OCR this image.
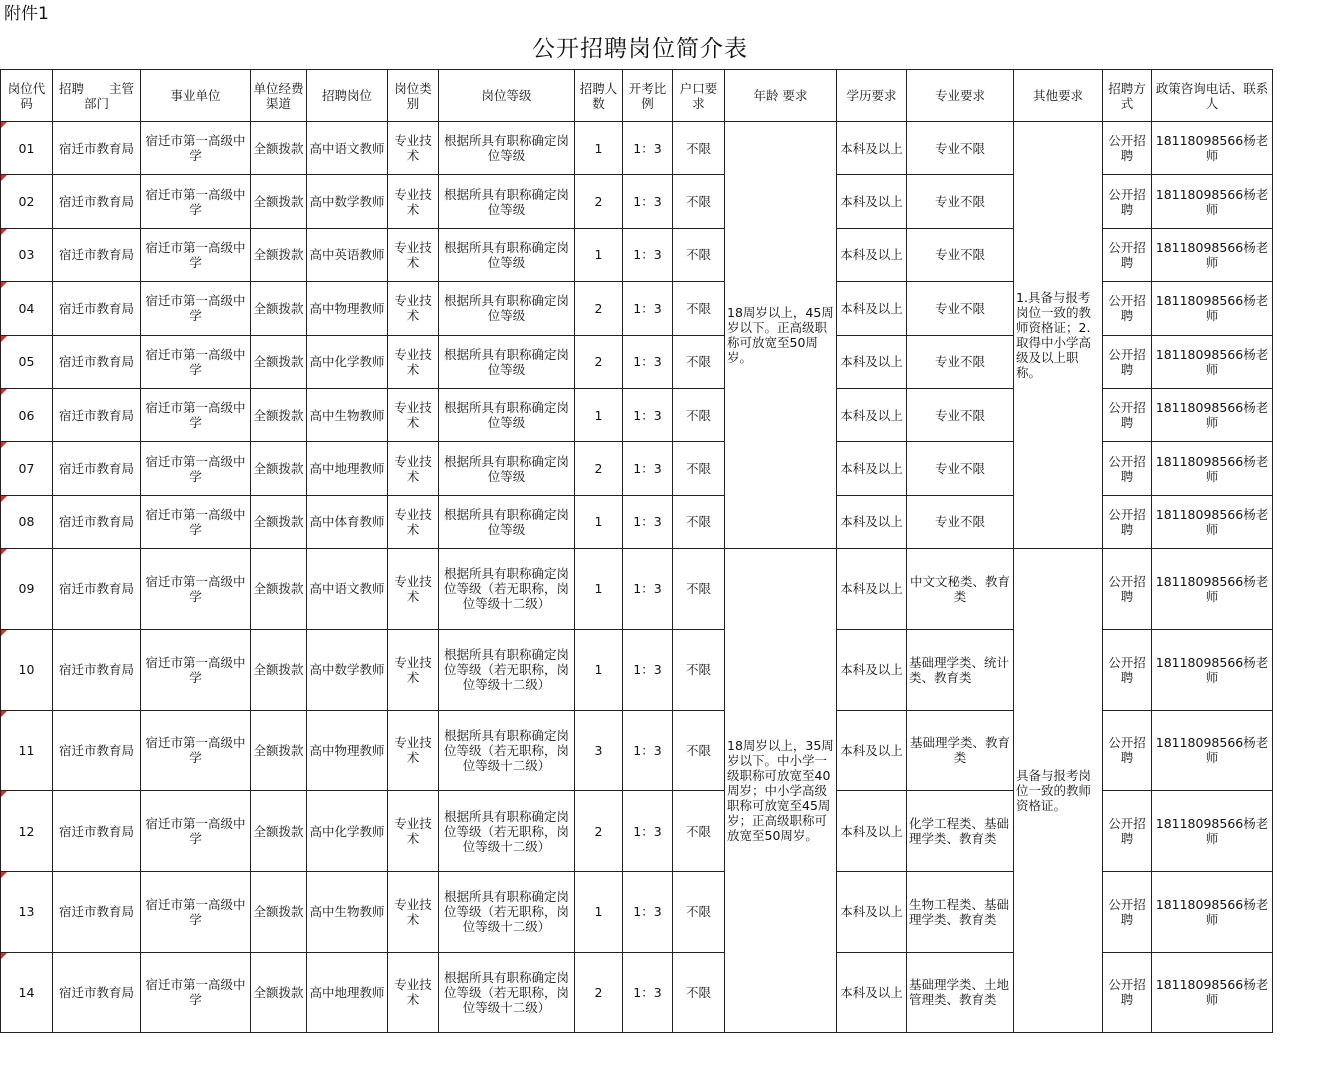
附件1
公开招聘岗位简介表
岗位代码	招聘　　主管部门	事业单位	单位经费渠道	招聘岗位	岗位类别	岗位等级	招聘人数	开考比例	户口要求	年龄 要求	学历要求	专业要求	其他要求	招聘方式	政策咨询电话、联系人
01	宿迁市教育局	宿迁市第一高级中学	全额拨款	高中语文教师	专业技术	根据所具有职称确定岗位等级	1	1：3	不限	18周岁以上，45周岁以下。正高级职称可放宽至50周岁。	本科及以上	专业不限	1.具备与报考岗位一致的教师资格证；2.取得中小学高级及以上职称。	公开招聘	18118098566杨老师
02	宿迁市教育局	宿迁市第一高级中学	全额拨款	高中数学教师	专业技术	根据所具有职称确定岗位等级	2	1：3	不限		本科及以上	专业不限		公开招聘	18118098566杨老师
03	宿迁市教育局	宿迁市第一高级中学	全额拨款	高中英语教师	专业技术	根据所具有职称确定岗位等级	1	1：3	不限		本科及以上	专业不限		公开招聘	18118098566杨老师
04	宿迁市教育局	宿迁市第一高级中学	全额拨款	高中物理教师	专业技术	根据所具有职称确定岗位等级	2	1：3	不限		本科及以上	专业不限		公开招聘	18118098566杨老师
05	宿迁市教育局	宿迁市第一高级中学	全额拨款	高中化学教师	专业技术	根据所具有职称确定岗位等级	2	1：3	不限		本科及以上	专业不限		公开招聘	18118098566杨老师
06	宿迁市教育局	宿迁市第一高级中学	全额拨款	高中生物教师	专业技术	根据所具有职称确定岗位等级	1	1：3	不限		本科及以上	专业不限		公开招聘	18118098566杨老师
07	宿迁市教育局	宿迁市第一高级中学	全额拨款	高中地理教师	专业技术	根据所具有职称确定岗位等级	2	1：3	不限		本科及以上	专业不限		公开招聘	18118098566杨老师
08	宿迁市教育局	宿迁市第一高级中学	全额拨款	高中体育教师	专业技术	根据所具有职称确定岗位等级	1	1：3	不限		本科及以上	专业不限		公开招聘	18118098566杨老师
09	宿迁市教育局	宿迁市第一高级中学	全额拨款	高中语文教师	专业技术	根据所具有职称确定岗位等级（若无职称，岗位等级十二级）	1	1：3	不限	18周岁以上，35周岁以下。中小学一级职称可放宽至40周岁；中小学高级职称可放宽至45周岁；正高级职称可放宽至50周岁。	本科及以上	中文文秘类、教育类	具备与报考岗位一致的教师资格证。	公开招聘	18118098566杨老师
10	宿迁市教育局	宿迁市第一高级中学	全额拨款	高中数学教师	专业技术	根据所具有职称确定岗位等级（若无职称，岗位等级十二级）	1	1：3	不限		本科及以上	基础理学类、统计类、教育类		公开招聘	18118098566杨老师
11	宿迁市教育局	宿迁市第一高级中学	全额拨款	高中物理教师	专业技术	根据所具有职称确定岗位等级（若无职称，岗位等级十二级）	3	1：3	不限		本科及以上	基础理学类、教育类		公开招聘	18118098566杨老师
12	宿迁市教育局	宿迁市第一高级中学	全额拨款	高中化学教师	专业技术	根据所具有职称确定岗位等级（若无职称，岗位等级十二级）	2	1：3	不限		本科及以上	化学工程类、基础理学类、教育类		公开招聘	18118098566杨老师
13	宿迁市教育局	宿迁市第一高级中学	全额拨款	高中生物教师	专业技术	根据所具有职称确定岗位等级（若无职称，岗位等级十二级）	1	1：3	不限		本科及以上	生物工程类、基础理学类、教育类		公开招聘	18118098566杨老师
14	宿迁市教育局	宿迁市第一高级中学	全额拨款	高中地理教师	专业技术	根据所具有职称确定岗位等级（若无职称，岗位等级十二级）	2	1：3	不限		本科及以上	基础理学类、土地管理类、教育类		公开招聘	18118098566杨老师
